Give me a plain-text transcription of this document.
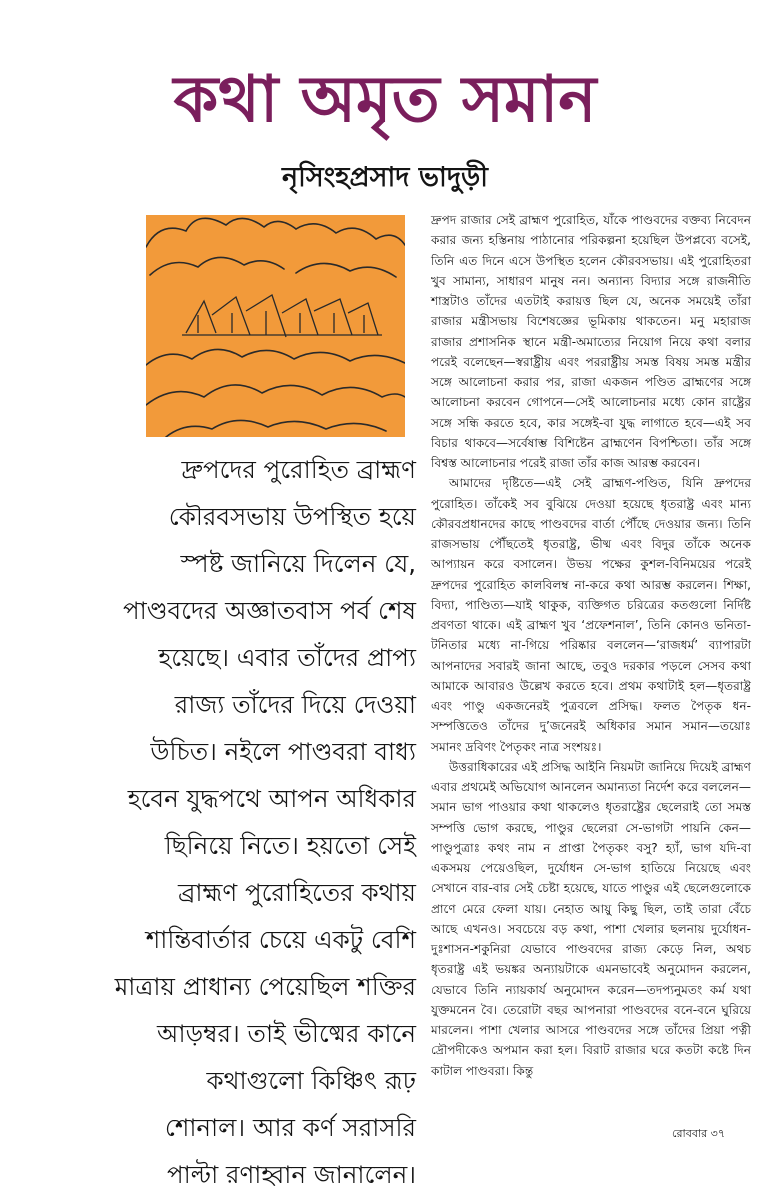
কথা অমৃত সমান
নৃসিংহপ্রসাদ ভাদুড়ী
দ্রুপদের পুরোহিত ব্রাহ্মণ
কৌরবসভায় উপস্থিত হয়ে
স্পষ্ট জানিয়ে দিলেন যে,
পাণ্ডবদের অজ্ঞাতবাস পর্ব শেষ
হয়েছে। এবার তাঁদের প্রাপ্য
রাজ্য তাঁদের দিয়ে দেওয়া
উচিত। নইলে পাণ্ডবরা বাধ্য
হবেন যুদ্ধপথে আপন অধিকার
ছিনিয়ে নিতে। হয়তো সেই
ব্রাহ্মণ পুরোহিতের কথায়
শান্তিবার্তার চেয়ে একটু বেশি
মাত্রায় প্রাধান্য পেয়েছিল শক্তির
আড়ম্বর। তাই ভীষ্মের কানে
কথাগুলো কিঞ্চিৎ রূঢ়
শোনাল। আর কর্ণ সরাসরি
পাল্টা রণাহ্বান জানালেন।

দ্রুপদ রাজার সেই ব্রাহ্মণ পুরোহিত, যাঁকে পাণ্ডবদের বক্তব্য নিবেদন করার জন্য হস্তিনায় পাঠানোর পরিকল্পনা হয়েছিল উপপ্লব্যে বসেই, তিনি এত দিনে এসে উপস্থিত হলেন কৌরবসভায়। এই পুরোহিতরা খুব সামান্য, সাধারণ মানুষ নন। অন্যান্য বিদ্যার সঙ্গে রাজনীতি শাস্ত্রটাও তাঁদের এতটাই করায়ত্ত ছিল যে, অনেক সময়েই তাঁরা রাজার মন্ত্রীসভায় বিশেষজ্ঞের ভূমিকায় থাকতেন। মনু মহারাজ রাজার প্রশাসনিক স্থানে মন্ত্রী-অমাত্যের নিয়োগ নিয়ে কথা বলার পরেই বলেছেন—স্বরাষ্ট্রীয় এবং পররাষ্ট্রীয় সমস্ত বিষয় সমস্ত মন্ত্রীর সঙ্গে আলোচনা করার পর, রাজা একজন পণ্ডিত ব্রাহ্মণের সঙ্গে আলোচনা করবেন গোপনে—সেই আলোচনার মধ্যে কোন রাষ্ট্রের সঙ্গে সন্ধি করতে হবে, কার সঙ্গেই-বা যুদ্ধ লাগাতে হবে—এই সব বিচার থাকবে—সর্বেষাম্ভ বিশিষ্টেন ব্রাহ্মণেন বিপশ্চিতা। তাঁর সঙ্গে বিশ্বস্ত আলোচনার পরেই রাজা তাঁর কাজ আরম্ভ করবেন।

আমাদের দৃষ্টিতে—এই সেই ব্রাহ্মণ-পণ্ডিত, যিনি দ্রুপদের পুরোহিত। তাঁকেই সব বুঝিয়ে দেওয়া হয়েছে ধৃতরাষ্ট্র এবং মান্য কৌরবপ্রধানদের কাছে পাণ্ডবদের বার্তা পৌঁছে দেওয়ার জন্য। তিনি রাজসভায় পৌঁছতেই ধৃতরাষ্ট্র, ভীষ্ম এবং বিদুর তাঁকে অনেক আপ্যায়ন করে বসালেন। উভয় পক্ষের কুশল-বিনিময়ের পরেই দ্রুপদের পুরোহিত কালবিলম্ব না-করে কথা আরম্ভ করলেন। শিক্ষা, বিদ্যা, পাণ্ডিত্য—যাই থাকুক, ব্যক্তিগত চরিত্রের কতগুলো নির্দিষ্ট প্রবণতা থাকে। এই ব্রাহ্মণ খুব ‘প্রফেশনাল’, তিনি কোনও ভনিতা-টনিতার মধ্যে না-গিয়ে পরিষ্কার বললেন—‘রাজধর্ম’ ব্যাপারটা আপনাদের সবারই জানা আছে, তবুও দরকার পড়লে সেসব কথা আমাকে আবারও উল্লেখ করতে হবে। প্রথম কথাটাই হল—ধৃতরাষ্ট্র এবং পাণ্ডু একজনেরই পুত্রবলে প্রসিদ্ধ। ফলত পৈতৃক ধন-সম্পত্তিতেও তাঁদের দু’জনেরই অধিকার সমান সমান—তয়োঃ সমানং দ্রবিণং পৈতৃকং নাত্র সংশয়ঃ।

উত্তরাধিকারের এই প্রসিদ্ধ আইনি নিয়মটা জানিয়ে দিয়েই ব্রাহ্মণ এবার প্রথমেই অভিযোগ আনলেন অমান্যতা নির্দেশ করে বললেন—সমান ভাগ পাওয়ার কথা থাকলেও ধৃতরাষ্ট্রের ছেলেরাই তো সমস্ত সম্পত্তি ভোগ করছে, পাণ্ডুর ছেলেরা সে-ভাগটা পায়নি কেন—পাণ্ডুপুত্রাঃ কথং নাম ন প্রাপ্তা পৈতৃকং বসু? হ্যাঁ, ভাগ যদি-বা একসময় পেয়েওছিল, দুর্যোধন সে-ভাগ হাতিয়ে নিয়েছে এবং সেখানে বার-বার সেই চেষ্টা হয়েছে, যাতে পাণ্ডুর এই ছেলেগুলোকে প্রাণে মেরে ফেলা যায়। নেহাত আয়ু কিছু ছিল, তাই তারা বেঁচে আছে এখনও। সবচেয়ে বড় কথা, পাশা খেলার ছলনায় দুর্যোধন-দুঃশাসন-শকুনিরা যেভাবে পাণ্ডবদের রাজ্য কেড়ে নিল, অথচ ধৃতরাষ্ট্র এই ভয়ঙ্কর অন্যায়টাকে এমনভাবেই অনুমোদন করলেন, যেভাবে তিনি ন্যায়কার্য অনুমোদন করেন—তদপ্যনুমতং কর্ম যথা যুক্তমনেন বৈ। তেরোটা বছর আপনারা পাণ্ডবদের বনে-বনে ঘুরিয়ে মারলেন। পাশা খেলার আসরে পাণ্ডবদের সঙ্গে তাঁদের প্রিয়া পত্নী দ্রৌপদীকেও অপমান করা হল। বিরাট রাজার ঘরে কতটা কষ্টে দিন কাটাল পাণ্ডবরা। কিন্তু

রোববার ৩৭
